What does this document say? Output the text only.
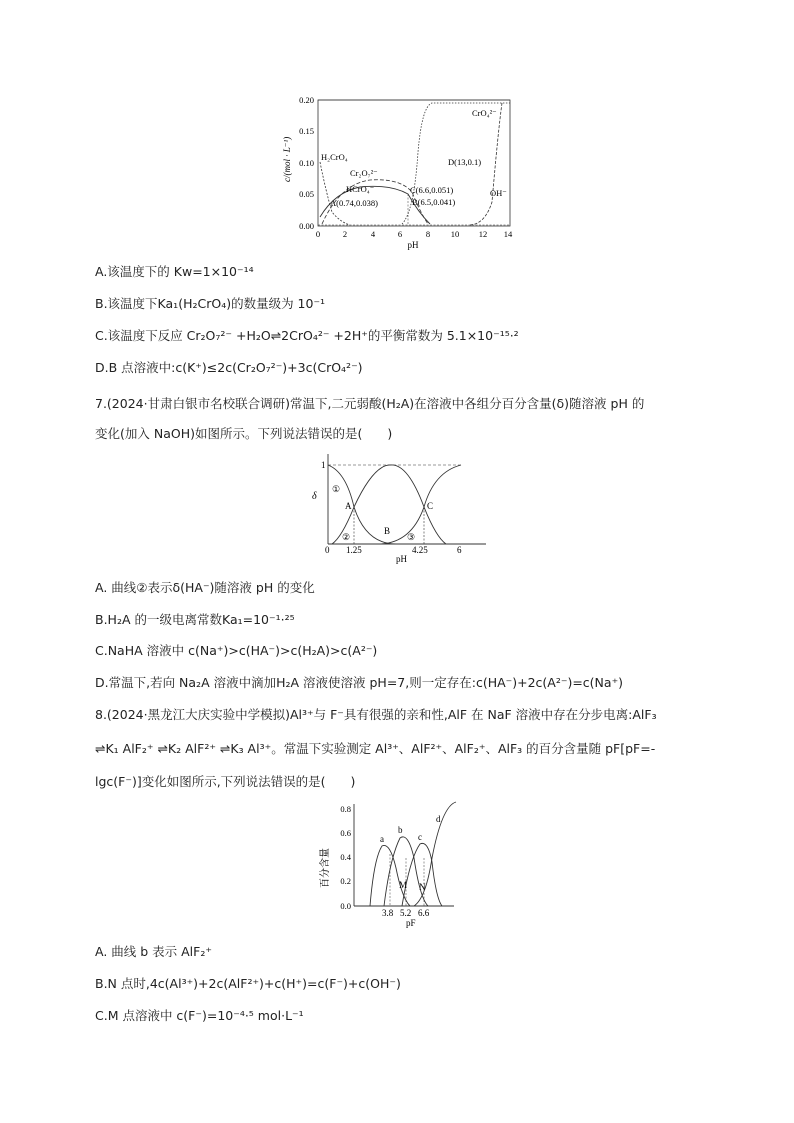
c/(mol · L⁻¹)
0.20
0.15
0.10
0.05
0.00
0	2	4	6	8 10 12 14
pH
H₂CrO₄
Cr₂O₇²⁻
HCrO₄⁻
CrO₄²⁻
OH⁻
A(0.74,0.038)	B(6.5,0.041)
C(6.6,0.051)
D(13,0.1)
A.该温度下的 Kw=1×10⁻¹⁴
B.该温度下Ka₁(H₂CrO₄)的数量级为 10⁻¹
C.该温度下反应 Cr₂O₇²⁻ +H₂O⇌2CrO₄²⁻ +2H⁺的平衡常数为 5.1×10⁻¹⁵·²
D.B 点溶液中:c(K⁺)≤2c(Cr₂O₇²⁻)+3c(CrO₄²⁻)
7.(2024·甘肃白银市名校联合调研)常温下,二元弱酸(H₂A)在溶液中各组分百分含量(δ)随溶液 pH 的
变化(加入 NaOH)如图所示。下列说法错误的是(　　)
δ
1
0
①
②	③
A
B
C
1.25	4.25	6
pH
A. 曲线②表示δ(HA⁻)随溶液 pH 的变化
B.H₂A 的一级电离常数Ka₁=10⁻¹·²⁵
C.NaHA 溶液中 c(Na⁺)>c(HA⁻)>c(H₂A)>c(A²⁻)
D.常温下,若向 Na₂A 溶液中滴加H₂A 溶液使溶液 pH=7,则一定存在:c(HA⁻)+2c(A²⁻)=c(Na⁺)
8.(2024·黑龙江大庆实验中学模拟)Al³⁺与 F⁻具有很强的亲和性,AlF 在 NaF 溶液中存在分步电离:AlF₃
⇌K₁ AlF₂⁺ ⇌K₂ AlF²⁺ ⇌K₃ Al³⁺。常温下实验测定 Al³⁺、AlF²⁺、AlF₂⁺、AlF₃ 的百分含量随 pF[pF=-
lgc(F⁻)]变化如图所示,下列说法错误的是(　　)
百分含量
0.8
0.6
0.4
0.2
0.0
a
b
c
d
M N
3.8 5.2 6.6
pF
A. 曲线 b 表示 AlF₂⁺
B.N 点时,4c(Al³⁺)+2c(AlF²⁺)+c(H⁺)=c(F⁻)+c(OH⁻)
C.M 点溶液中 c(F⁻)=10⁻⁴·⁵ mol·L⁻¹
